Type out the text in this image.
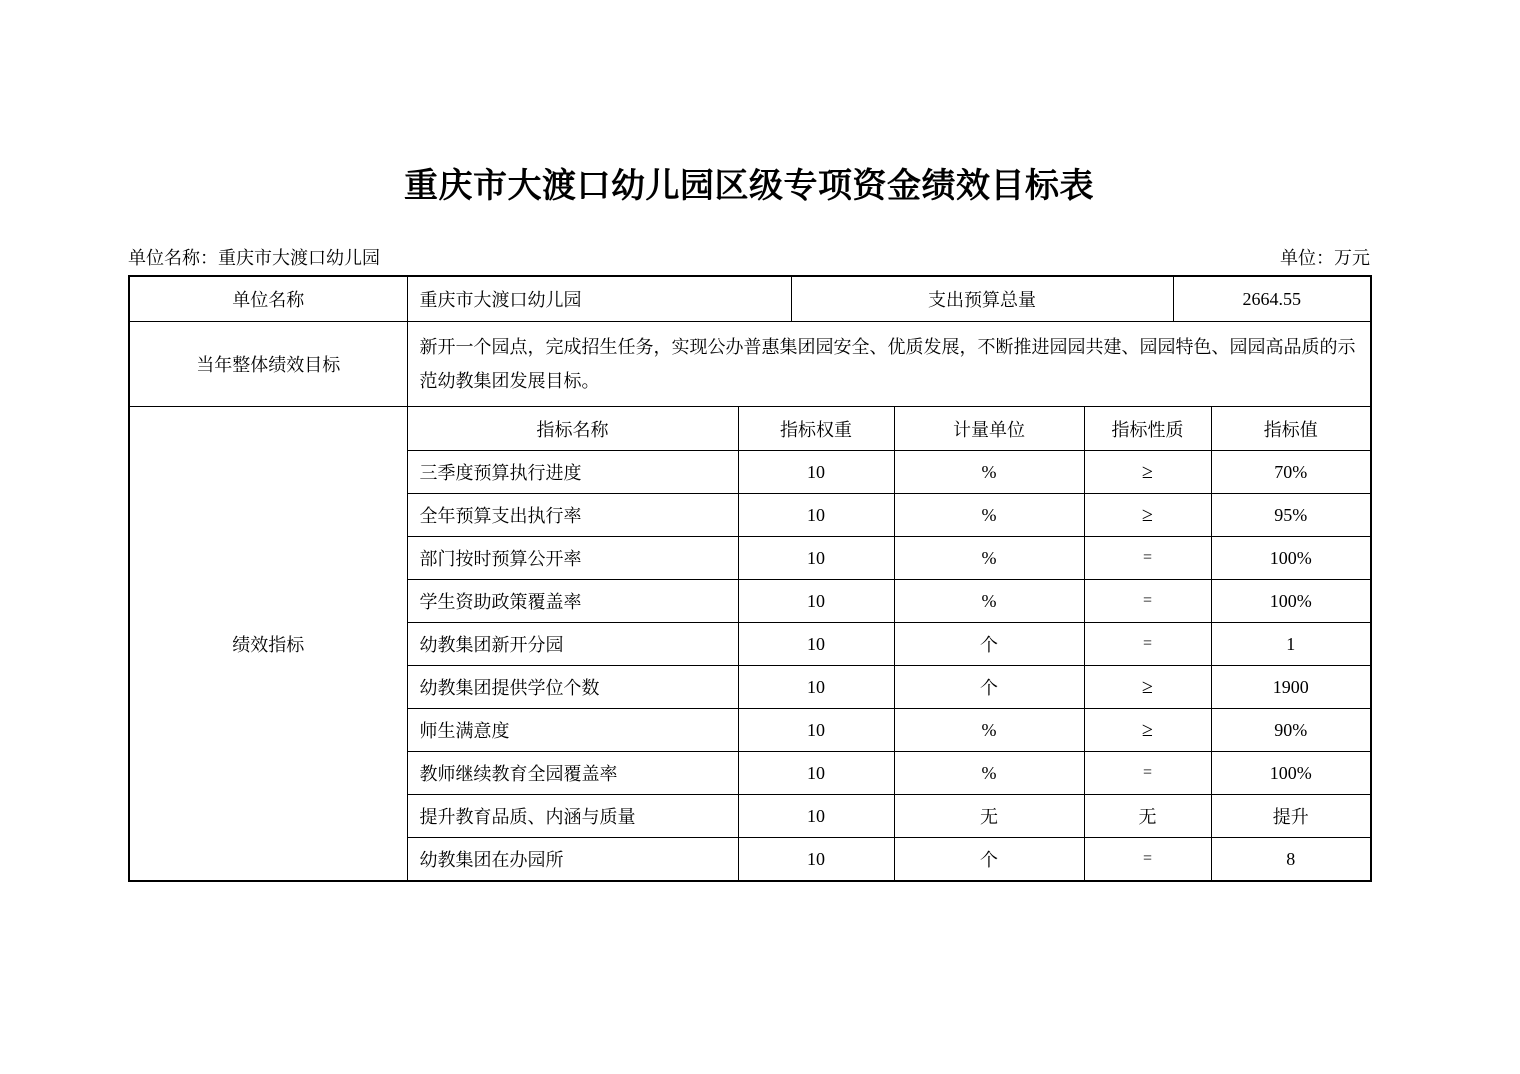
重庆市大渡口幼儿园区级专项资金绩效目标表
单位名称：重庆市大渡口幼儿园	单位：万元
单位名称	重庆市大渡口幼儿园		支出预算总量			2664.55	
当年整体绩效目标	新开一个园点，完成招生任务，实现公办普惠集团园安全、优质发展，不断推进园园共建、园园特色、园园高品质的示范幼教集团发展目标。						
绩效指标	指标名称	指标权重		计量单位	指标性质		指标值
	三季度预算执行进度	10		%	≥		70%
	全年预算支出执行率	10		%	≥		95%
	部门按时预算公开率	10		%	=		100%
	学生资助政策覆盖率	10		%	=		100%
	幼教集团新开分园	10		个	=		1
	幼教集团提供学位个数	10		个	≥		1900
	师生满意度	10		%	≥		90%
	教师继续教育全园覆盖率	10		%	=		100%
	提升教育品质、内涵与质量	10		无	无		提升
	幼教集团在办园所	10		个	=		8
